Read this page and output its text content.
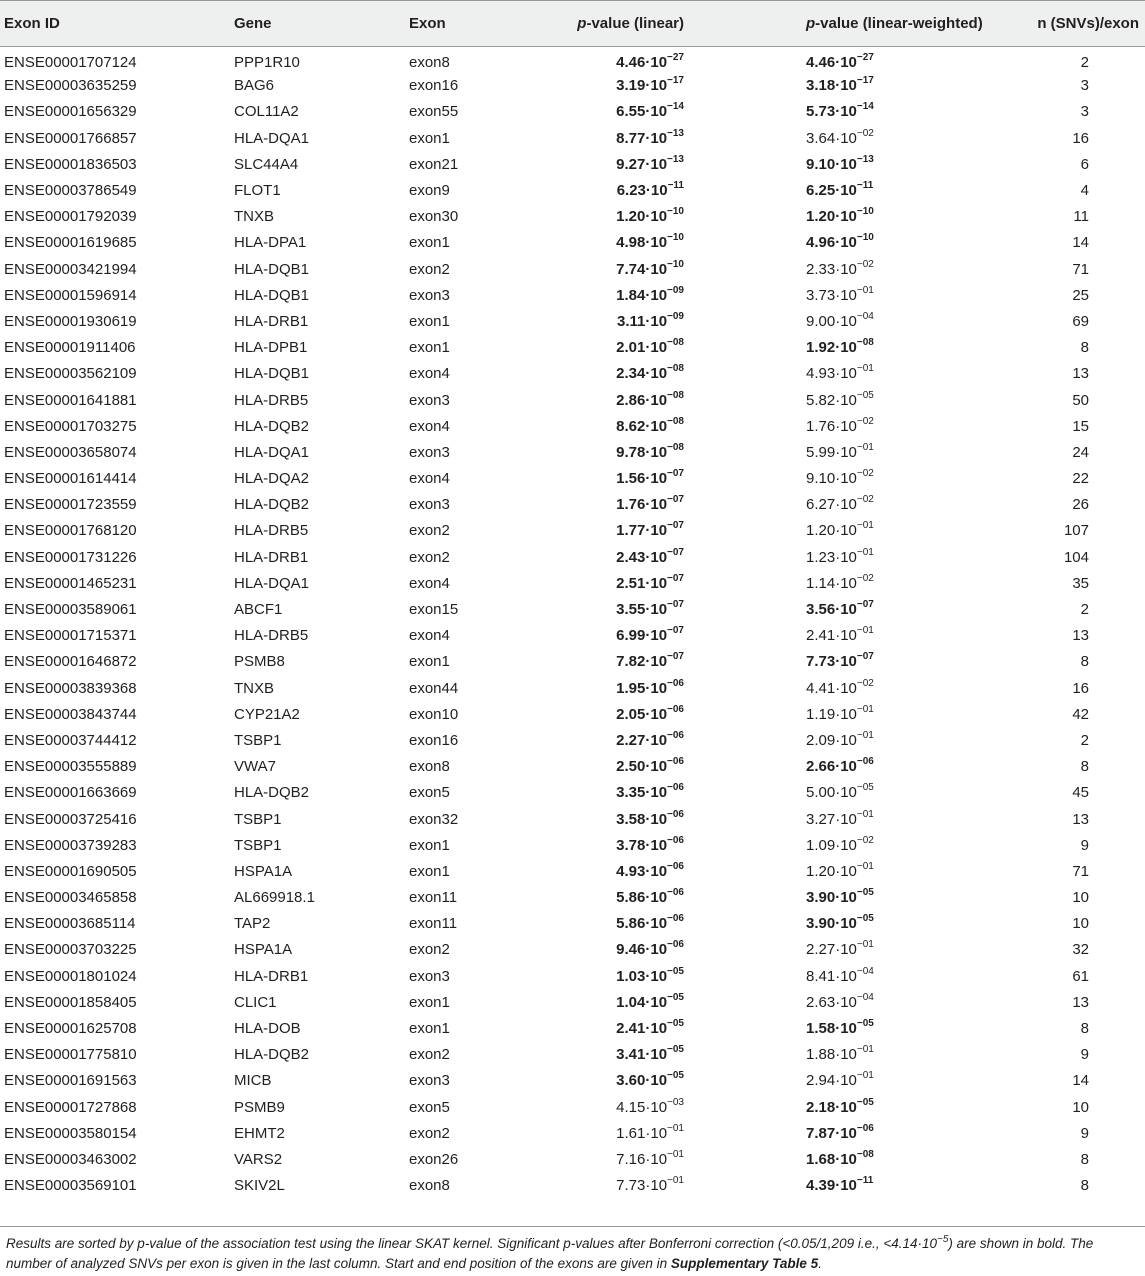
Exon ID	Gene	Exon	p-value (linear)	p-value (linear-weighted)	n (SNVs)/exon
ENSE00001707124	PPP1R10	exon8	$4.46\cdot 10^{-27}$	$4.46\cdot 10^{-27}$	2
ENSE00003635259	BAG6	exon16	$3.19\cdot 10^{-17}$	$3.18\cdot 10^{-17}$	3
ENSE00001656329	COL11A2	exon55	$6.55\cdot 10^{-14}$	$5.73\cdot 10^{-14}$	3
ENSE00001766857	HLA-DQA1	exon1	$8.77\cdot 10^{-13}$	$3.64\cdot 10^{-02}$	16
ENSE00001836503	SLC44A4	exon21	$9.27\cdot 10^{-13}$	$9.10\cdot 10^{-13}$	6
ENSE00003786549	FLOT1	exon9	$6.23\cdot 10^{-11}$	$6.25\cdot 10^{-11}$	4
ENSE00001792039	TNXB	exon30	$1.20\cdot 10^{-10}$	$1.20\cdot 10^{-10}$	11
ENSE00001619685	HLA-DPA1	exon1	$4.98\cdot 10^{-10}$	$4.96\cdot 10^{-10}$	14
ENSE00003421994	HLA-DQB1	exon2	$7.74\cdot 10^{-10}$	$2.33\cdot 10^{-02}$	71
ENSE00001596914	HLA-DQB1	exon3	$1.84\cdot 10^{-09}$	$3.73\cdot 10^{-01}$	25
ENSE00001930619	HLA-DRB1	exon1	$3.11\cdot 10^{-09}$	$9.00\cdot 10^{-04}$	69
ENSE00001911406	HLA-DPB1	exon1	$2.01\cdot 10^{-08}$	$1.92\cdot 10^{-08}$	8
ENSE00003562109	HLA-DQB1	exon4	$2.34\cdot 10^{-08}$	$4.93\cdot 10^{-01}$	13
ENSE00001641881	HLA-DRB5	exon3	$2.86\cdot 10^{-08}$	$5.82\cdot 10^{-05}$	50
ENSE00001703275	HLA-DQB2	exon4	$8.62\cdot 10^{-08}$	$1.76\cdot 10^{-02}$	15
ENSE00003658074	HLA-DQA1	exon3	$9.78\cdot 10^{-08}$	$5.99\cdot 10^{-01}$	24
ENSE00001614414	HLA-DQA2	exon4	$1.56\cdot 10^{-07}$	$9.10\cdot 10^{-02}$	22
ENSE00001723559	HLA-DQB2	exon3	$1.76\cdot 10^{-07}$	$6.27\cdot 10^{-02}$	26
ENSE00001768120	HLA-DRB5	exon2	$1.77\cdot 10^{-07}$	$1.20\cdot 10^{-01}$	107
ENSE00001731226	HLA-DRB1	exon2	$2.43\cdot 10^{-07}$	$1.23\cdot 10^{-01}$	104
ENSE00001465231	HLA-DQA1	exon4	$2.51\cdot 10^{-07}$	$1.14\cdot 10^{-02}$	35
ENSE00003589061	ABCF1	exon15	$3.55\cdot 10^{-07}$	$3.56\cdot 10^{-07}$	2
ENSE00001715371	HLA-DRB5	exon4	$6.99\cdot 10^{-07}$	$2.41\cdot 10^{-01}$	13
ENSE00001646872	PSMB8	exon1	$7.82\cdot 10^{-07}$	$7.73\cdot 10^{-07}$	8
ENSE00003839368	TNXB	exon44	$1.95\cdot 10^{-06}$	$4.41\cdot 10^{-02}$	16
ENSE00003843744	CYP21A2	exon10	$2.05\cdot 10^{-06}$	$1.19\cdot 10^{-01}$	42
ENSE00003744412	TSBP1	exon16	$2.27\cdot 10^{-06}$	$2.09\cdot 10^{-01}$	2
ENSE00003555889	VWA7	exon8	$2.50\cdot 10^{-06}$	$2.66\cdot 10^{-06}$	8
ENSE00001663669	HLA-DQB2	exon5	$3.35\cdot 10^{-06}$	$5.00\cdot 10^{-05}$	45
ENSE00003725416	TSBP1	exon32	$3.58\cdot 10^{-06}$	$3.27\cdot 10^{-01}$	13
ENSE00003739283	TSBP1	exon1	$3.78\cdot 10^{-06}$	$1.09\cdot 10^{-02}$	9
ENSE00001690505	HSPA1A	exon1	$4.93\cdot 10^{-06}$	$1.20\cdot 10^{-01}$	71
ENSE00003465858	AL669918.1	exon11	$5.86\cdot 10^{-06}$	$3.90\cdot 10^{-05}$	10
ENSE00003685114	TAP2	exon11	$5.86\cdot 10^{-06}$	$3.90\cdot 10^{-05}$	10
ENSE00003703225	HSPA1A	exon2	$9.46\cdot 10^{-06}$	$2.27\cdot 10^{-01}$	32
ENSE00001801024	HLA-DRB1	exon3	$1.03\cdot 10^{-05}$	$8.41\cdot 10^{-04}$	61
ENSE00001858405	CLIC1	exon1	$1.04\cdot 10^{-05}$	$2.63\cdot 10^{-04}$	13
ENSE00001625708	HLA-DOB	exon1	$2.41\cdot 10^{-05}$	$1.58\cdot 10^{-05}$	8
ENSE00001775810	HLA-DQB2	exon2	$3.41\cdot 10^{-05}$	$1.88\cdot 10^{-01}$	9
ENSE00001691563	MICB	exon3	$3.60\cdot 10^{-05}$	$2.94\cdot 10^{-01}$	14
ENSE00001727868	PSMB9	exon5	$4.15\cdot 10^{-03}$	$2.18\cdot 10^{-05}$	10
ENSE00003580154	EHMT2	exon2	$1.61\cdot 10^{-01}$	$7.87\cdot 10^{-06}$	9
ENSE00003463002	VARS2	exon26	$7.16\cdot 10^{-01}$	$1.68\cdot 10^{-08}$	8
ENSE00003569101	SKIV2L	exon8	$7.73\cdot 10^{-01}$	$4.39\cdot 10^{-11}$	8
Results are sorted by p-value of the association test using the linear SKAT kernel. Significant p-values after Bonferroni correction (<0.05/1,209 i.e., $<4.14\cdot 10^{-5}$) are shown in bold. The number of analyzed SNVs per exon is given in the last column. Start and end position of the exons are given in Supplementary Table 5.
